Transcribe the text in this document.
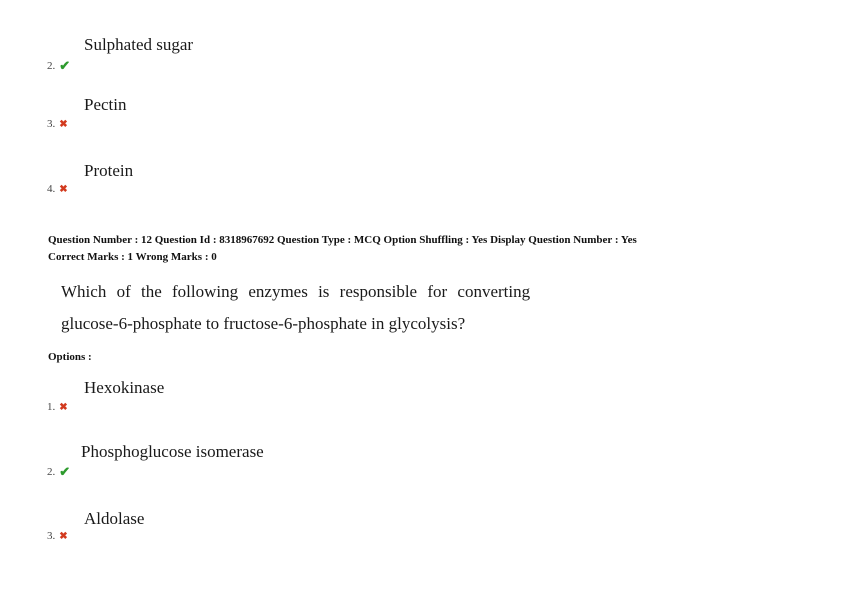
Sulphated sugar
2. ✔
Pectin
3. ✖
Protein
4. ✖
Question Number : 12 Question Id : 8318967692 Question Type : MCQ Option Shuffling : Yes Display Question Number : Yes
Correct Marks : 1 Wrong Marks : 0
Which of the following enzymes is responsible for converting
glucose-6-phosphate to fructose-6-phosphate in glycolysis?
Options :
Hexokinase
1. ✖
Phosphoglucose isomerase
2. ✔
Aldolase
3. ✖
